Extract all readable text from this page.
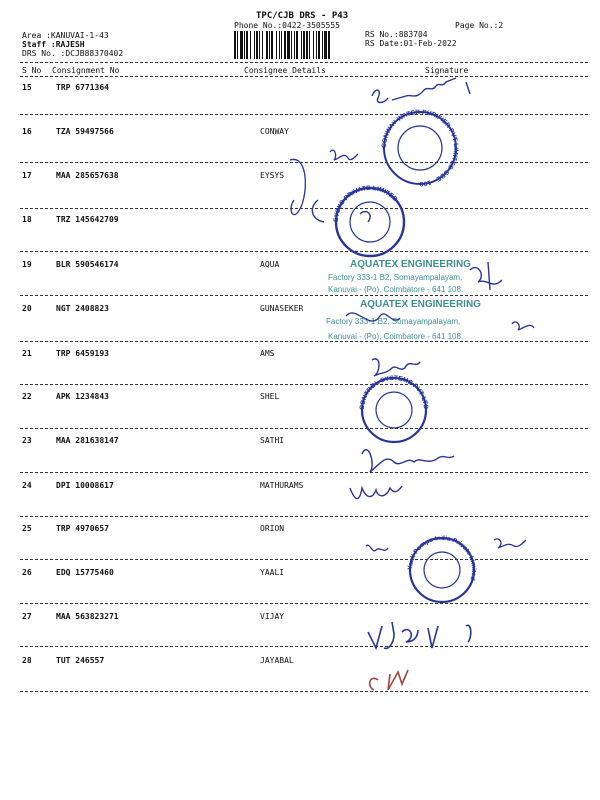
TPC/CJB DRS - P43
Phone No.:0422-3505555	Page No.:2
Area :KANUVAI-1-43
Staff :RAJESH
DRS No. :DCJB88370402
RS No.:883704
RS Date:01-Feb-2022
S No Consignment No	Consignee Details	Signature
15	TRP 6771364
16	TZA 59497566	CONWAY
17	MAA 285657638	EYSYS
18	TRZ 145642709
19	BLR 590546174	AQUA
20	NGT 2408823	GUNASEKER
21	TRP 6459193	AMS
22	APK 1234843	SHEL
23	MAA 281638147	SATHI
24	DPI 10008617	MATHURAMS
25	TRP 4970657	ORION
26	EDQ 15775460	YAALI
27	MAA 563823271	VIJAY
28	TUT 246557	JAYABAL
CONWAY WATER PURIFIER PVT LIMITED CBE - 108
EYSYS PRIVATE LIMITED
AQUATEX ENGINEERING
Factory 333-1 B2, Somayampalayam,
Kanuvai - (Po), Coimbatore - 641 108.
AQUATEX ENGINEERING
Factory 333-1 B2, Somayampalayam,
Kanuvai - (Po), Coimbatore - 641 108.
CONTROL SYSTEMS PVT LTD
Yaali Pumps India Private Limited
